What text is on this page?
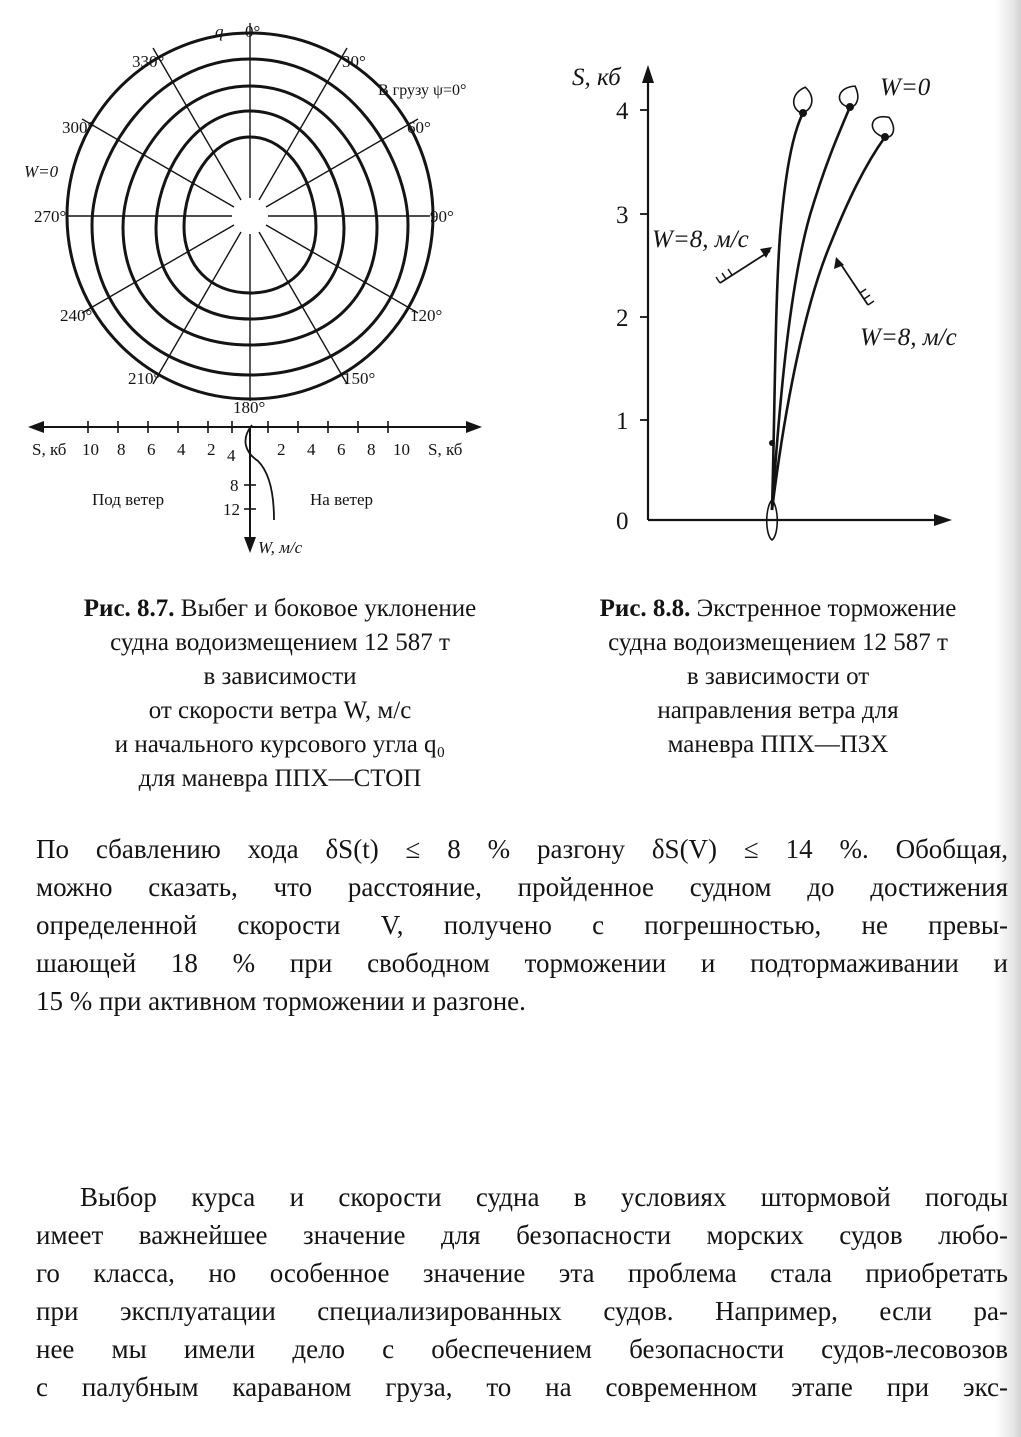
q 0°
30°
60°
90°
120°
150°
180°
210°
240°
270°
300°
330°
В грузу ψ=0°
W=0
S, кб	S, кб
10 8 6 4 2 4 2 4 6 8 10
8
12
W, м/с
Под ветер	На ветер
S, кб
4
3
2
1
0
W=0
W=8, м/с
W=8, м/с
Рис. 8.7. Выбег и боковое уклонение
судна водоизмещением 12 587 т
в зависимости
от скорости ветра W, м/с
и начального курсового угла q₀
для маневра ППХ—СТОП
Рис. 8.8. Экстренное торможение
судна водоизмещением 12 587 т
в зависимости от
направления ветра для
маневра ППХ—ПЗХ
По сбавлению хода δS(t) ≤ 8 % разгону δS(V) ≤ 14 %. Обобщая,
можно сказать, что расстояние, пройденное судном до достижения
определенной скорости V, получено с погрешностью, не превы-
шающей 18 % при свободном торможении и подтормаживании и
15 % при активном торможении и разгоне.
Выбор курса и скорости судна в условиях штормовой погоды
имеет важнейшее значение для безопасности морских судов любо-
го класса, но особенное значение эта проблема стала приобретать
при эксплуатации специализированных судов. Например, если ра-
нее мы имели дело с обеспечением безопасности судов-лесовозов
с палубным караваном груза, то на современном этапе при экс-
